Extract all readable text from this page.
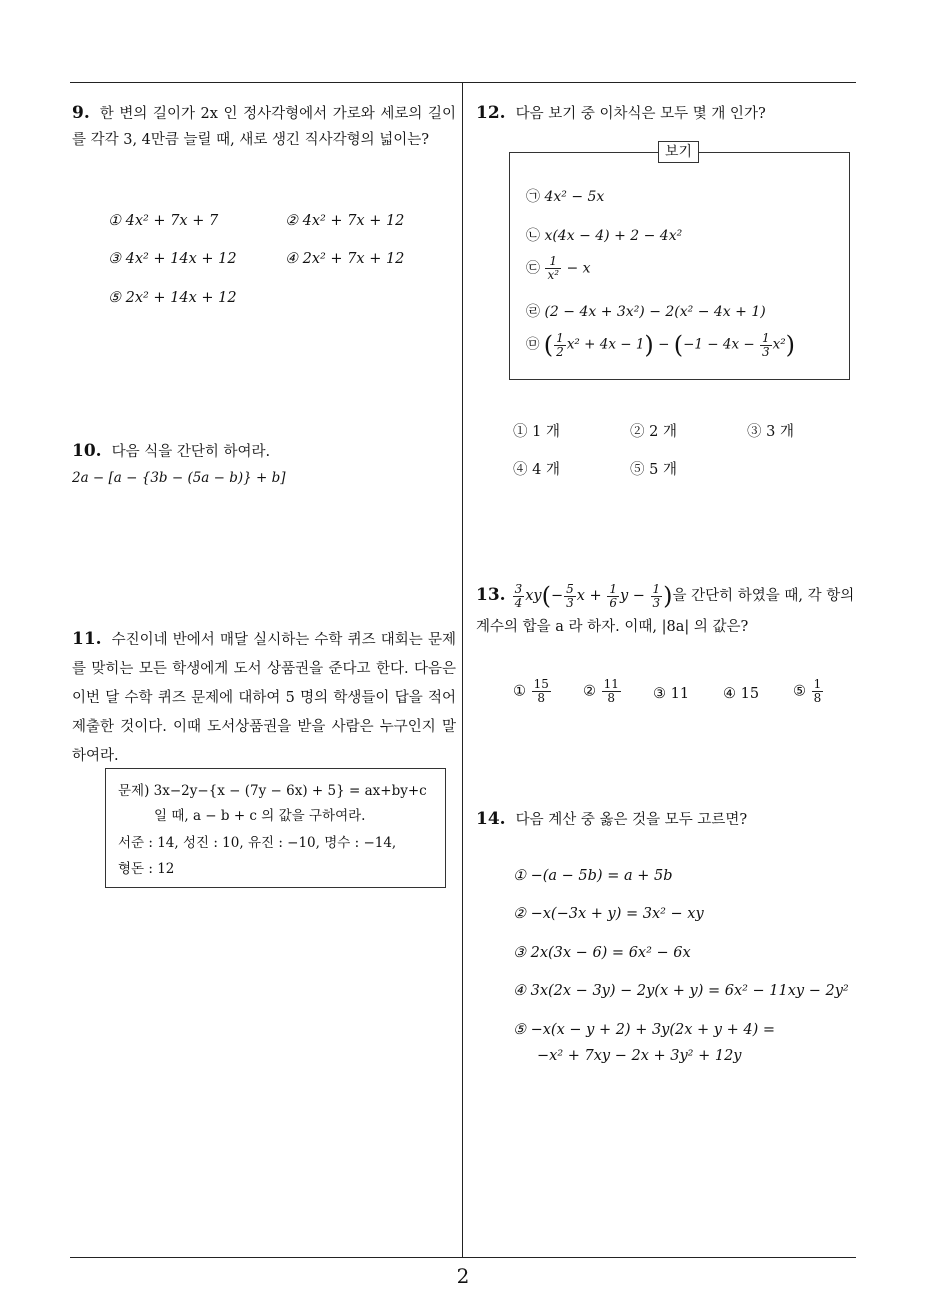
2
9. 한 변의 길이가 2x 인 정사각형에서 가로와 세로의 길이를 각각 3, 4만큼 늘릴 때, 새로 생긴 직사각형의 넓이는?
① 4x² + 7x + 7	② 4x² + 7x + 12
③ 4x² + 14x + 12	④ 2x² + 7x + 12
⑤ 2x² + 14x + 12
10. 다음 식을 간단히 하여라.
2a − [a − {3b − (5a − b)} + b]
11. 수진이네 반에서 매달 실시하는 수학 퀴즈 대회는 문제를 맞히는 모든 학생에게 도서 상품권을 준다고 한다. 다음은 이번 달 수학 퀴즈 문제에 대하여 5 명의 학생들이 답을 적어 제출한 것이다. 이때 도서상품권을 받을 사람은 누구인지 말하여라.
문제) 3x−2y−{x − (7y − 6x) + 5} = ax+by+c
일 때, a − b + c 의 값을 구하여라.
서준 : 14, 성진 : 10, 유진 : −10, 명수 : −14,
형돈 : 12
12. 다음 보기 중 이차식은 모두 몇 개 인가?
보기
㉠ 4x² − 5x
㉡ x(4x − 4) + 2 − 4x²
㉢ $\frac{1}{\text{x²}} - x$
㉣ (2 − 4x + 3x²) − 2(x² − 4x + 1)
㉤ ( $\frac{1}{2} x^2 + 4x - 1) - (-1 - 4x - \frac{1}{3} x^2)$
① 1 개	② 2 개	③ 3 개
④ 4 개	⑤ 5 개
13. $\frac{3}{4} xy(- \frac{5}{3}$ $x + \frac{1}{6}$ $y - \frac{1}{3}$ )을 간단히 하였을 때, 각 항의
계수의 합을 a 라 하자. 이때, |8a| 의 값은?
① $\frac{15}{8}$ ② $\frac{11}{8}$ ③ 11 ④ 15 ⑤ $\frac{1}{8}$
14. 다음 계산 중 옳은 것을 모두 고르면?
① −(a − 5b) = a + 5b
② −x(−3x + y) = 3x² − xy
③ 2x(3x − 6) = 6x² − 6x
④ 3x(2x − 3y) − 2y(x + y) = 6x² − 11xy − 2y²
⑤ −x(x − y + 2) + 3y(2x + y + 4) =
−x² + 7xy − 2x + 3y² + 12y
